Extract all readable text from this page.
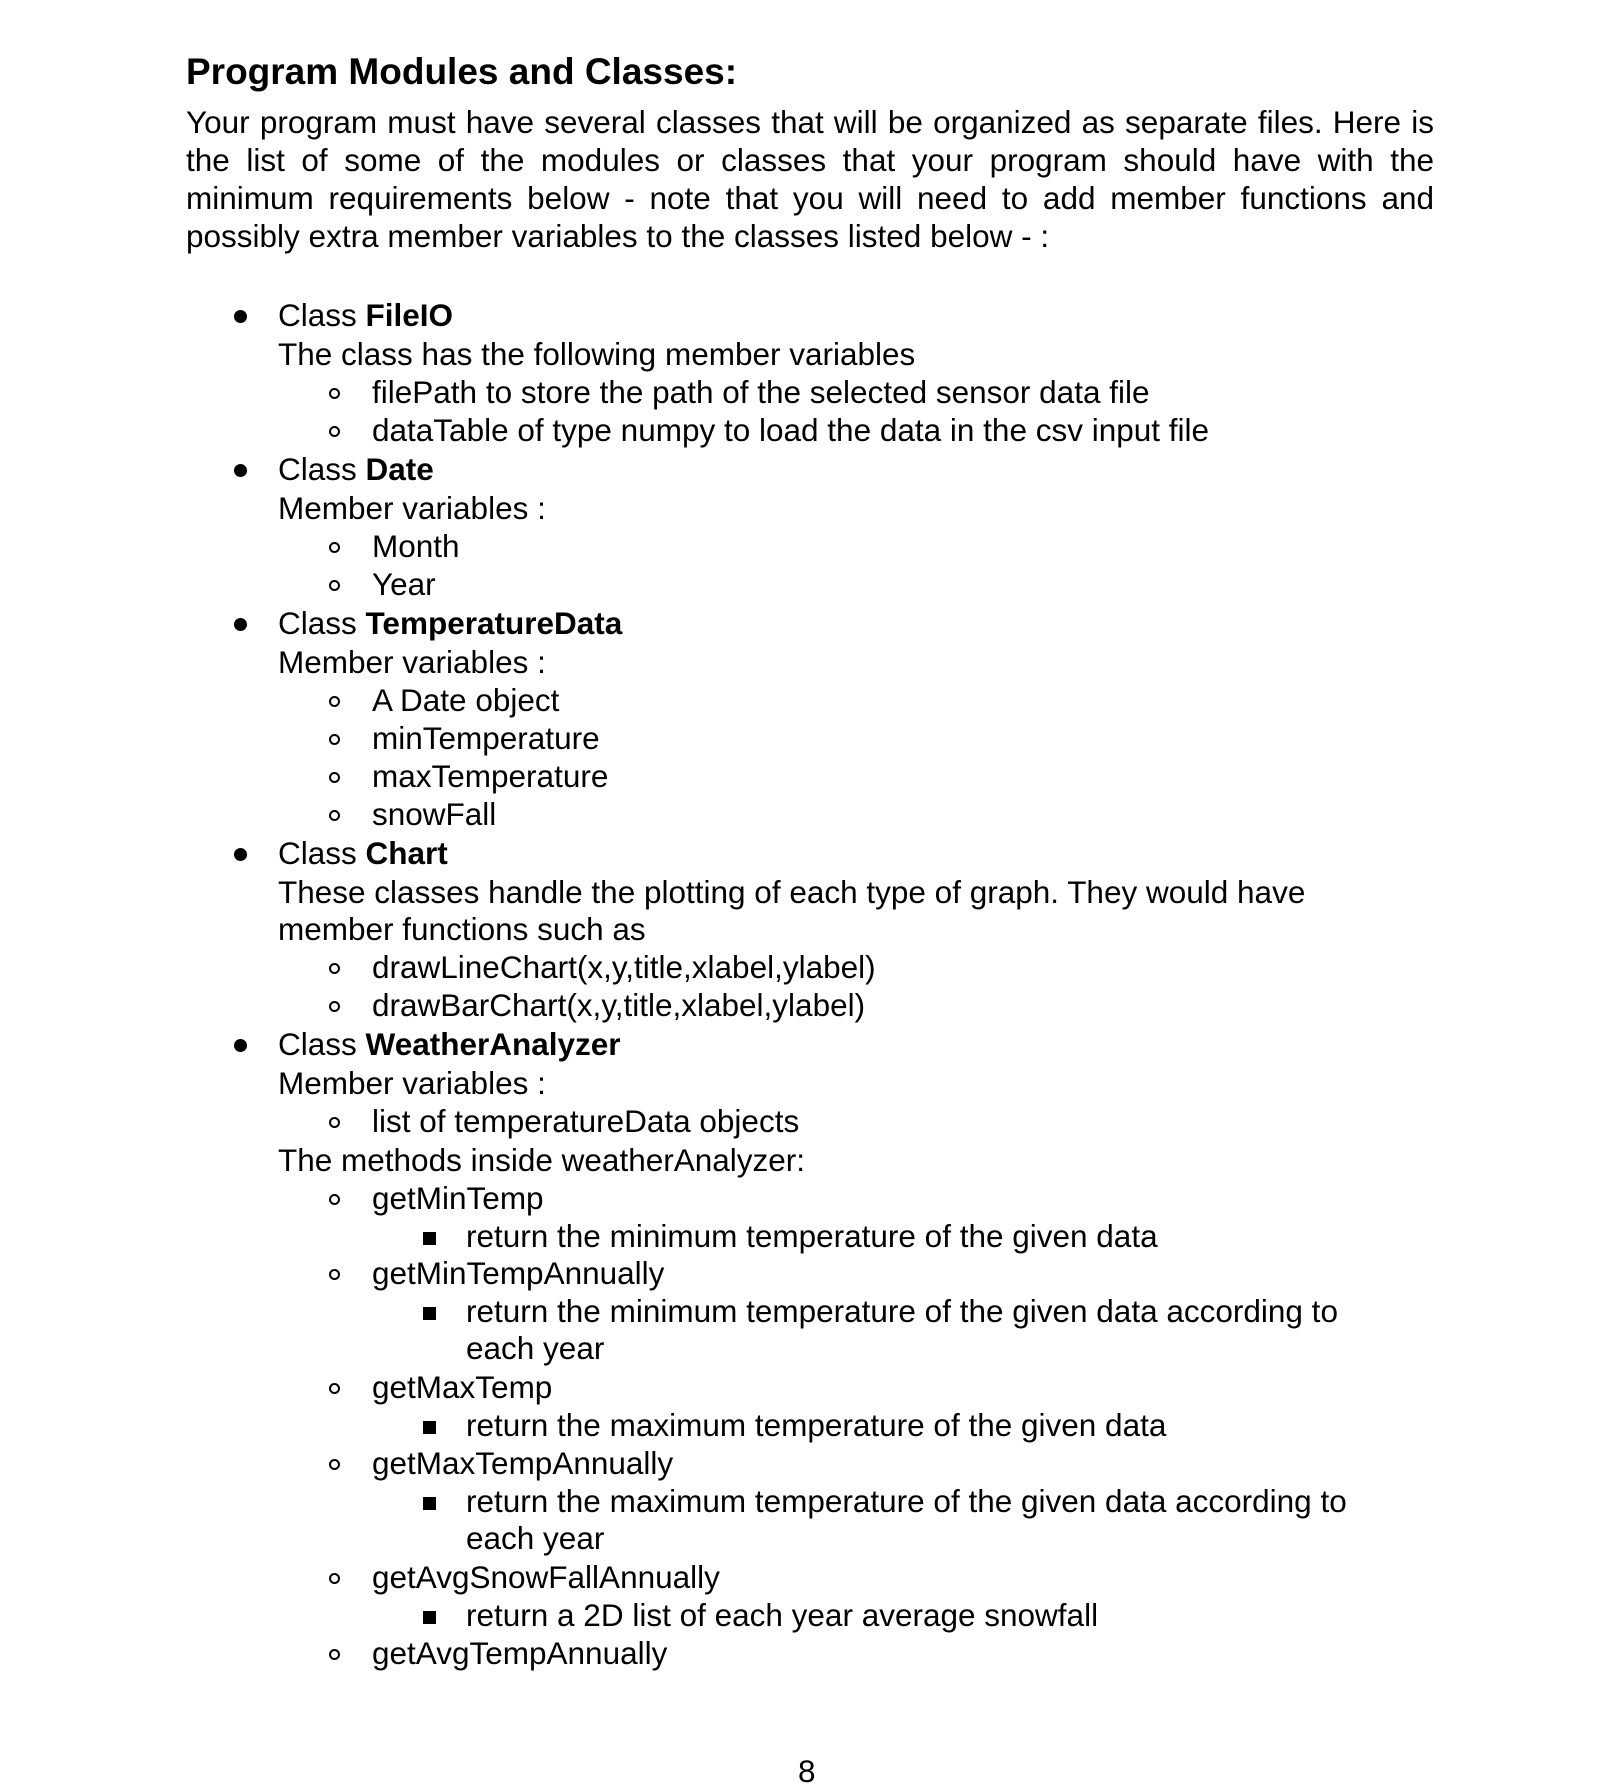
Program Modules and Classes:

Your program must have several classes that will be organized as separate files. Here is the list of some of the modules or classes that your program should have with the minimum requirements below - note that you will need to add member functions and possibly extra member variables to the classes listed below - :

Class FileIO
The class has the following member variables
filePath to store the path of the selected sensor data file
dataTable of type numpy to load the data in the csv input file
Class Date
Member variables :
Month
Year
Class TemperatureData
Member variables :
A Date object
minTemperature
maxTemperature
snowFall
Class Chart
These classes handle the plotting of each type of graph. They would have
member functions such as
drawLineChart(x,y,title,xlabel,ylabel)
drawBarChart(x,y,title,xlabel,ylabel)
Class WeatherAnalyzer
Member variables :
list of temperatureData objects
The methods inside weatherAnalyzer:
getMinTemp
return the minimum temperature of the given data
getMinTempAnnually
return the minimum temperature of the given data according to
each year
getMaxTemp
return the maximum temperature of the given data
getMaxTempAnnually
return the maximum temperature of the given data according to
each year
getAvgSnowFallAnnually
return a 2D list of each year average snowfall
getAvgTempAnnually
8
